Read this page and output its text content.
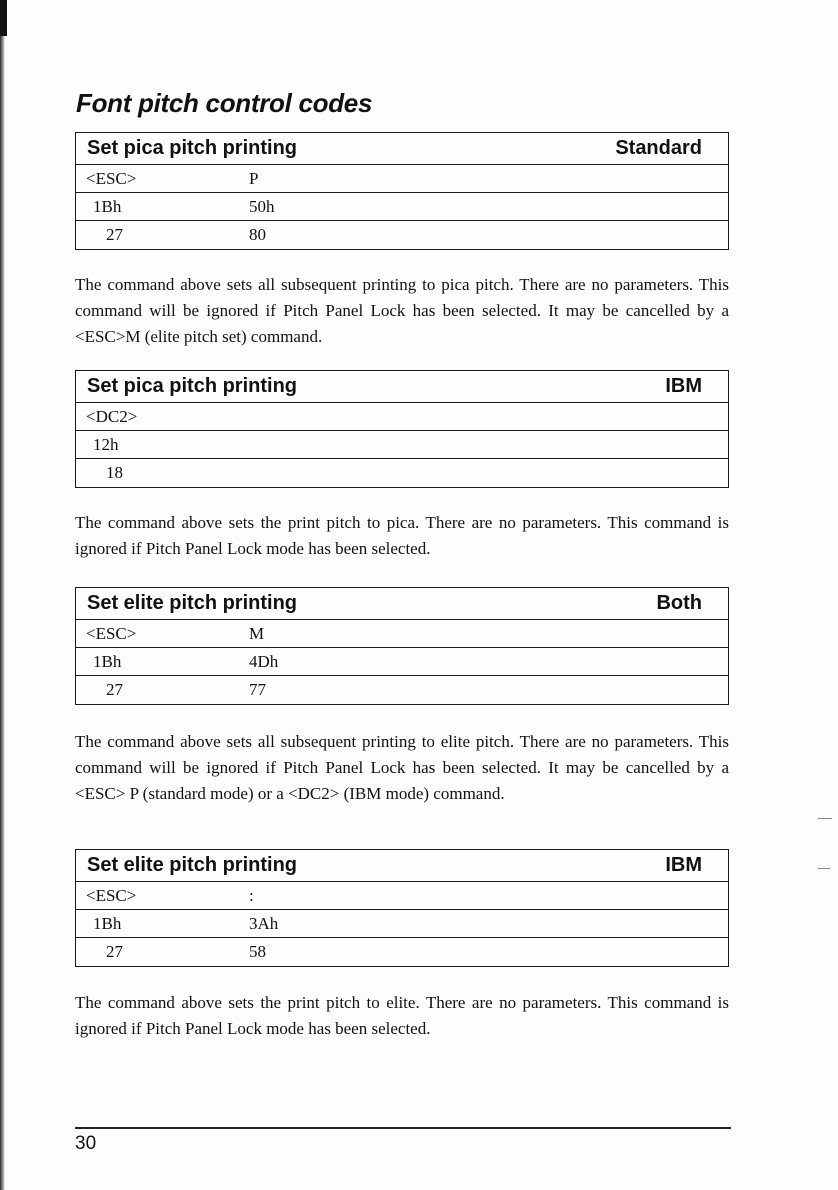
Font pitch control codes
Set pica pitch printing	Standard
<ESC>	P
1Bh	50h
27	80

The command above sets all subsequent printing to pica pitch. There are no parameters. This command will be ignored if Pitch Panel Lock has been selected. It may be cancelled by a <ESC>M (elite pitch set) command.

Set pica pitch printing	IBM
<DC2>
12h
18

The command above sets the print pitch to pica. There are no parameters. This command is ignored if Pitch Panel Lock mode has been selected.

Set elite pitch printing	Both
<ESC>	M
1Bh	4Dh
27	77

The command above sets all subsequent printing to elite pitch. There are no parameters. This command will be ignored if Pitch Panel Lock has been selected. It may be cancelled by a <ESC> P (standard mode) or a <DC2> (IBM mode) command.

Set elite pitch printing	IBM
<ESC>	:
1Bh	3Ah
27	58

The command above sets the print pitch to elite. There are no parameters. This command is ignored if Pitch Panel Lock mode has been selected.

30
